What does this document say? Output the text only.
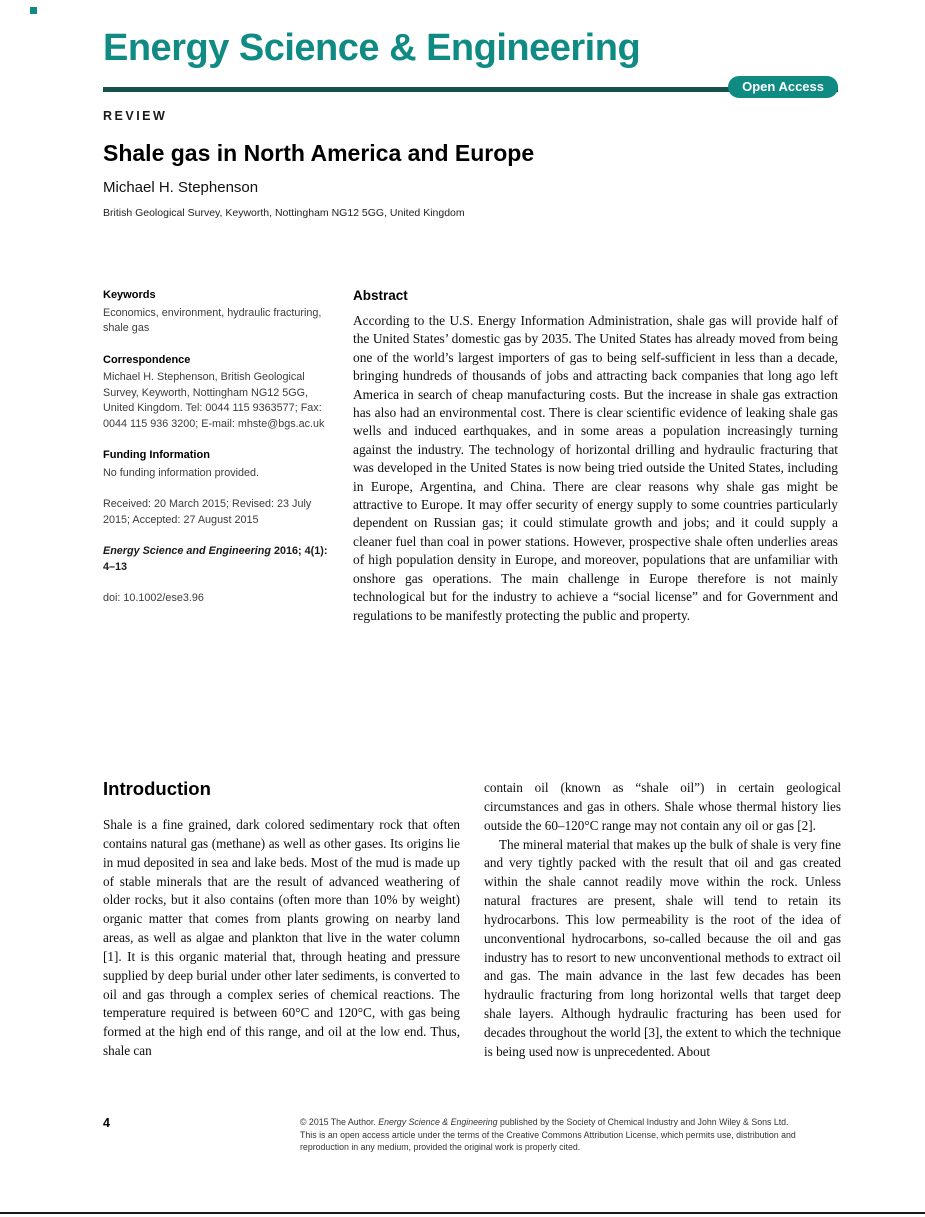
Energy Science & Engineering
Open Access
REVIEW
Shale gas in North America and Europe
Michael H. Stephenson
British Geological Survey, Keyworth, Nottingham NG12 5GG, United Kingdom

Keywords

Economics, environment, hydraulic fracturing, shale gas

Correspondence

Michael H. Stephenson, British Geological Survey, Keyworth, Nottingham NG12 5GG, United Kingdom. Tel: 0044 115 9363577; Fax: 0044 115 936 3200; E-mail: mhste@bgs.ac.uk

Funding Information

No funding information provided.

Received: 20 March 2015; Revised: 23 July 2015; Accepted: 27 August 2015

Energy Science and Engineering 2016; 4(1): 4–13

doi: 10.1002/ese3.96

Abstract

According to the U.S. Energy Information Administration, shale gas will provide half of the United States’ domestic gas by 2035. The United States has already moved from being one of the world’s largest importers of gas to being self-sufficient in less than a decade, bringing hundreds of thousands of jobs and attracting back companies that long ago left America in search of cheap manufacturing costs. But the increase in shale gas extraction has also had an environmental cost. There is clear scientific evidence of leaking shale gas wells and induced earthquakes, and in some areas a population increasingly turning against the industry. The technology of horizontal drilling and hydraulic fracturing that was developed in the United States is now being tried outside the United States, including in Europe, Argentina, and China. There are clear reasons why shale gas might be attractive to Europe. It may offer security of energy supply to some countries particularly dependent on Russian gas; it could stimulate growth and jobs; and it could supply a cleaner fuel than coal in power stations. However, prospective shale often underlies areas of high population density in Europe, and moreover, populations that are unfamiliar with onshore gas operations. The main challenge in Europe therefore is not mainly technological but for the industry to achieve a “social license” and for Government and regulations to be manifestly protecting the public and property.

Introduction

Shale is a fine grained, dark colored sedimentary rock that often contains natural gas (methane) as well as other gases. Its origins lie in mud deposited in sea and lake beds. Most of the mud is made up of stable minerals that are the result of advanced weathering of older rocks, but it also contains (often more than 10% by weight) organic matter that comes from plants growing on nearby land areas, as well as algae and plankton that live in the water column [1]. It is this organic material that, through heating and pressure supplied by deep burial under other later sediments, is converted to oil and gas through a complex series of chemical reactions. The temperature required is between 60°C and 120°C, with gas being formed at the high end of this range, and oil at the low end. Thus, shale can

contain oil (known as “shale oil”) in certain geological circumstances and gas in others. Shale whose thermal history lies outside the 60–120°C range may not contain any oil or gas [2].

The mineral material that makes up the bulk of shale is very fine and very tightly packed with the result that oil and gas created within the shale cannot readily move within the rock. Unless natural fractures are present, shale will tend to retain its hydrocarbons. This low permeability is the root of the idea of unconventional hydrocarbons, so-called because the oil and gas industry has to resort to new unconventional methods to extract oil and gas. The main advance in the last few decades has been hydraulic fracturing from long horizontal wells that target deep shale layers. Although hydraulic fracturing has been used for decades throughout the world [3], the extent to which the technique is being used now is unprecedented. About

4	© 2015 The Author. Energy Science & Engineering published by the Society of Chemical Industry and John Wiley & Sons Ltd.

This is an open access article under the terms of the Creative Commons Attribution License, which permits use, distribution and reproduction in any medium, provided the original work is properly cited.
